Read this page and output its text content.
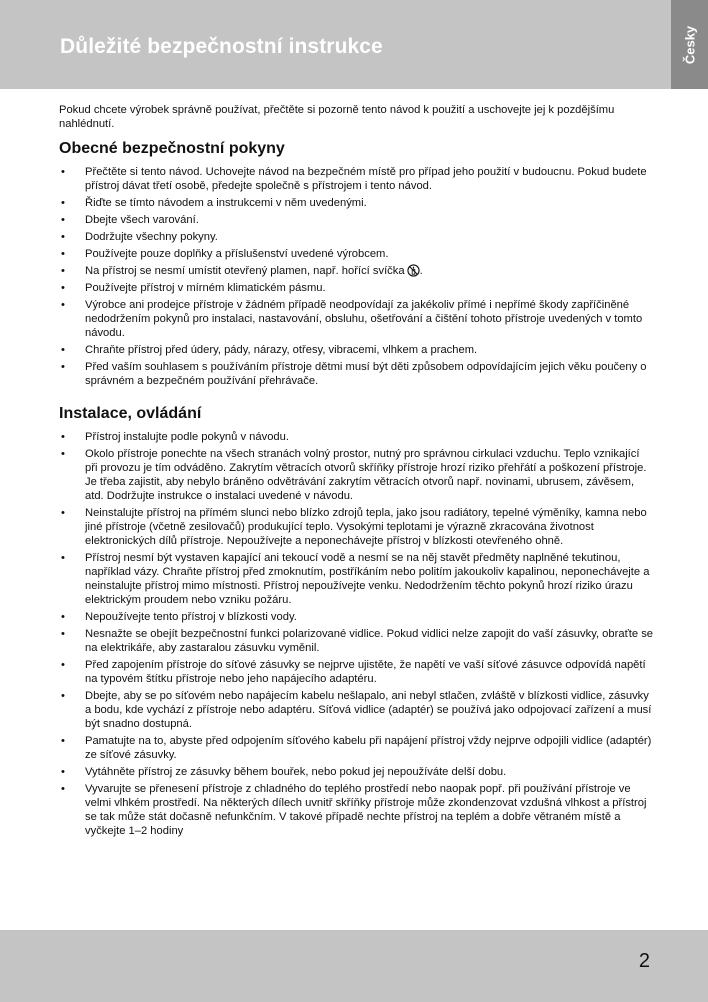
Důležité bezpečnostní instrukce	Česky

Pokud chcete výrobek správně používat, přečtěte si pozorně tento návod k použití a uschovejte jej k pozdějšímu nahlédnutí.

Obecné bezpečnostní pokyny
• Přečtěte si tento návod. Uchovejte návod na bezpečném místě pro případ jeho použití v budoucnu. Pokud budete přístroj dávat třetí osobě, předejte společně s přístrojem i tento návod.
• Řiďte se tímto návodem a instrukcemi v něm uvedenými.
• Dbejte všech varování.
• Dodržujte všechny pokyny.
• Používejte pouze doplňky a příslušenství uvedené výrobcem.
• Na přístroj se nesmí umístit otevřený plamen, např. hořící svíčka .
• Používejte přístroj v mírném klimatickém pásmu.
• Výrobce ani prodejce přístroje v žádném případě neodpovídají za jakékoliv přímé i nepřímé škody zapříčiněné nedodržením pokynů pro instalaci, nastavování, obsluhu, ošetřování a čištění tohoto přístroje uvedených v tomto návodu.
• Chraňte přístroj před údery, pády, nárazy, otřesy, vibracemi, vlhkem a prachem.
• Před vaším souhlasem s používáním přístroje dětmi musí být děti způsobem odpovídajícím jejich věku poučeny o správném a bezpečném používání přehrávače.
Instalace, ovládání
• Přístroj instalujte podle pokynů v návodu.
• Okolo přístroje ponechte na všech stranách volný prostor, nutný pro správnou cirkulaci vzduchu. Teplo vznikající při provozu je tím odváděno. Zakrytím větracích otvorů skříňky přístroje hrozí riziko přehřátí a poškození přístroje. Je třeba zajistit, aby nebylo bráněno odvětrávání zakrytím větracích otvorů např. novinami, ubrusem, závěsem, atd. Dodržujte instrukce o instalaci uvedené v návodu.
• Neinstalujte přístroj na přímém slunci nebo blízko zdrojů tepla, jako jsou radiátory, tepelné výměníky, kamna nebo jiné přístroje (včetně zesilovačů) produkující teplo. Vysokými teplotami je výrazně zkracována životnost elektronických dílů přístroje. Nepoužívejte a neponechávejte přístroj v blízkosti otevřeného ohně.
• Přístroj nesmí být vystaven kapající ani tekoucí vodě a nesmí se na něj stavět předměty naplněné tekutinou, například vázy. Chraňte přístroj před zmoknutím, postříkáním nebo politím jakoukoliv kapalinou, neponechávejte a neinstalujte přístroj mimo místnosti. Přístroj nepoužívejte venku. Nedodržením těchto pokynů hrozí riziko úrazu elektrickým proudem nebo vzniku požáru.
• Nepoužívejte tento přístroj v blízkosti vody.
• Nesnažte se obejít bezpečnostní funkci polarizované vidlice. Pokud vidlici nelze zapojit do vaší zásuvky, obraťte se na elektrikáře, aby zastaralou zásuvku vyměnil.
• Před zapojením přístroje do síťové zásuvky se nejprve ujistěte, že napětí ve vaší síťové zásuvce odpovídá napětí na typovém štítku přístroje nebo jeho napájecího adaptéru.
• Dbejte, aby se po síťovém nebo napájecím kabelu nešlapalo, ani nebyl stlačen, zvláště v blízkosti vidlice, zásuvky a bodu, kde vychází z přístroje nebo adaptéru. Síťová vidlice (adaptér) se používá jako odpojovací zařízení a musí být snadno dostupná.
• Pamatujte na to, abyste před odpojením síťového kabelu při napájení přístroj vždy nejprve odpojili vidlice (adaptér) ze síťové zásuvky.
• Vytáhněte přístroj ze zásuvky během bouřek, nebo pokud jej nepoužíváte delší dobu.
• Vyvarujte se přenesení přístroje z chladného do teplého prostředí nebo naopak popř. při používání přístroje ve velmi vlhkém prostředí. Na některých dílech uvnitř skříňky přístroje může zkondenzovat vzdušná vlhkost a přístroj se tak může stát dočasně nefunkčním. V takové případě nechte přístroj na teplém a dobře větraném místě a vyčkejte 1–2 hodiny
2
